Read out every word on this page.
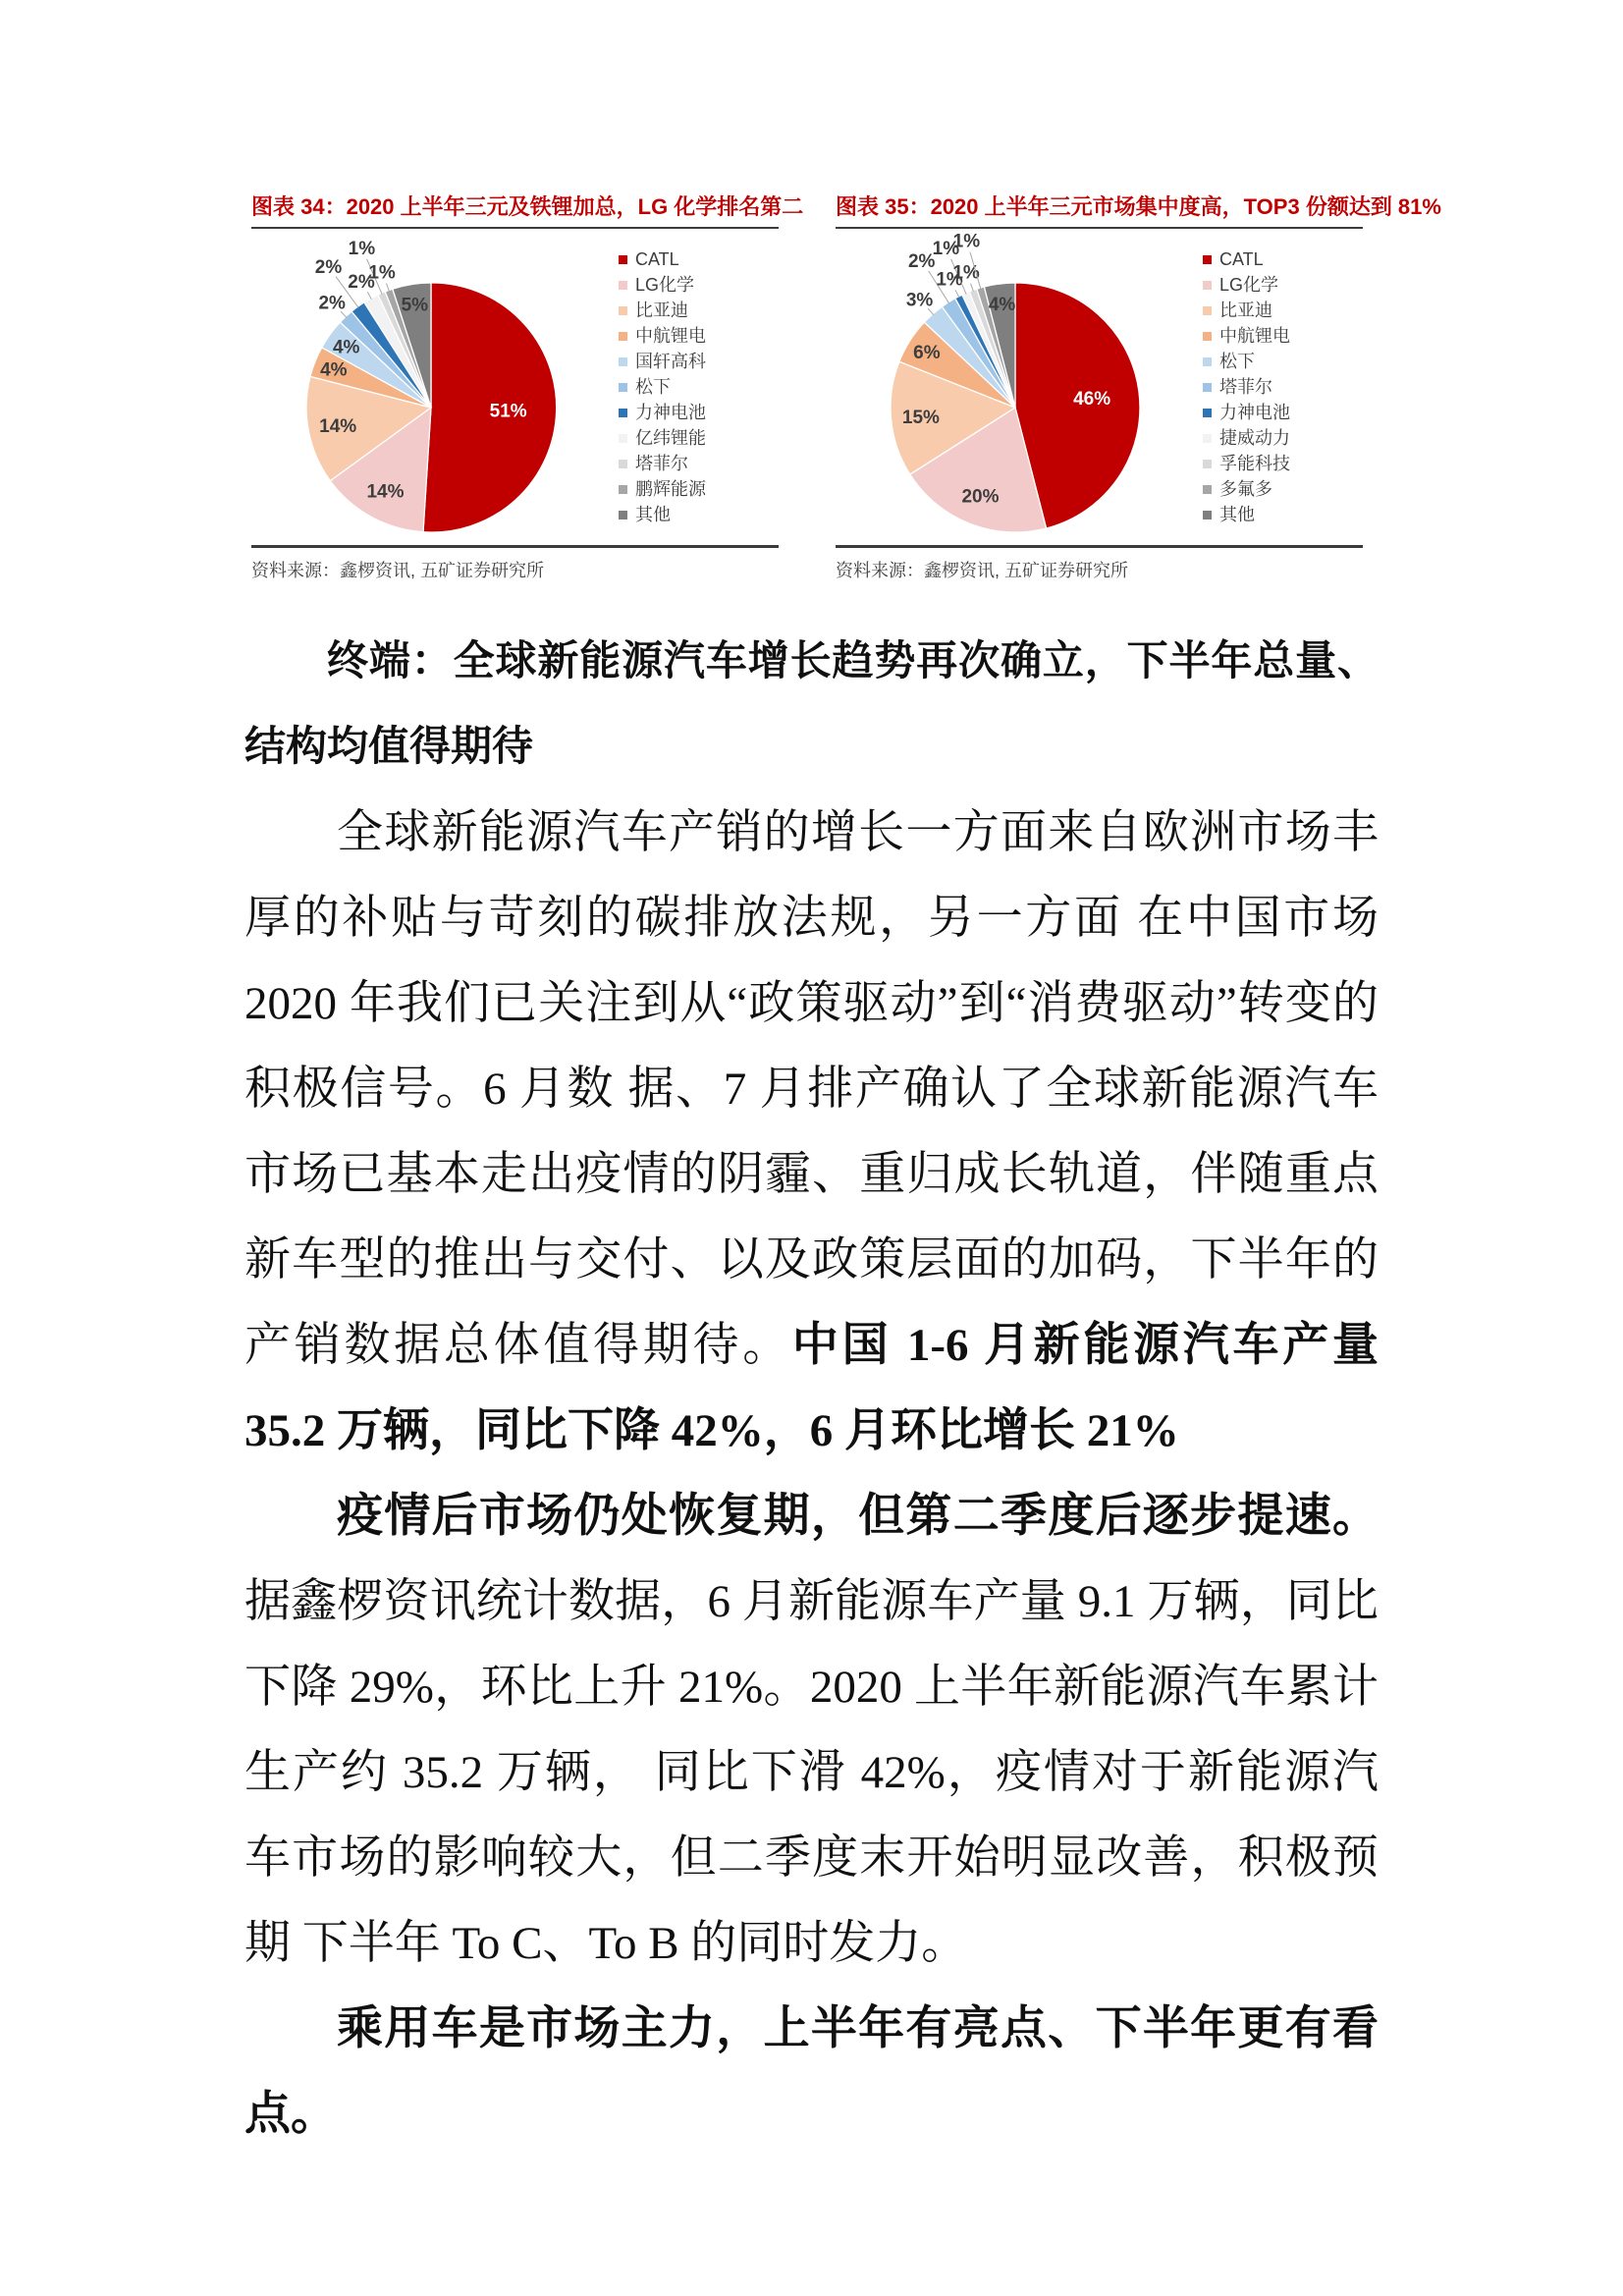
图表 34：2020 上半年三元及铁锂加总，LG 化学排名第二
51%
14%
14%
4%
4%
2%
2%
2%
1%
1%
5%
CATL
LG化学
比亚迪
中航锂电
国轩高科
松下
力神电池
亿纬锂能
塔菲尔
鹏辉能源
其他
资料来源：鑫椤资讯, 五矿证券研究所
图表 35：2020 上半年三元市场集中度高，TOP3 份额达到 81%
46%
20%
15%
6%
3%
2%
1%
1%
1%
1%
4%
CATL
LG化学
比亚迪
中航锂电
松下
塔菲尔
力神电池
捷威动力
孚能科技
多氟多
其他
资料来源：鑫椤资讯, 五矿证券研究所

终端：全球新能源汽车增长趋势再次确立，下半年总量、结构均值得期待

全球新能源汽车产销的增长一方面来自欧洲市场丰厚的补贴与苛刻的碳排放法规，另一方面 在中国市场 2020 年我们已关注到从“政策驱动”到“消费驱动”转变的积极信号。6 月数 据、7 月排产确认了全球新能源汽车市场已基本走出疫情的阴霾、重归成长轨道，伴随重点 新车型的推出与交付、以及政策层面的加码，下半年的产销数据总体值得期待。中国 1-6 月新能源汽车产量 35.2 万辆，同比下降 42%，6 月环比增长 21%

疫情后市场仍处恢复期，但第二季度后逐步提速。据鑫椤资讯统计数据，6 月新能源车产量 9.1 万辆，同比下降 29%，环比上升 21%。2020 上半年新能源汽车累计生产约 35.2 万辆， 同比下滑 42%，疫情对于新能源汽车市场的影响较大，但二季度末开始明显改善，积极预期 下半年 To C、To B 的同时发力。

乘用车是市场主力，上半年有亮点、下半年更有看点。
